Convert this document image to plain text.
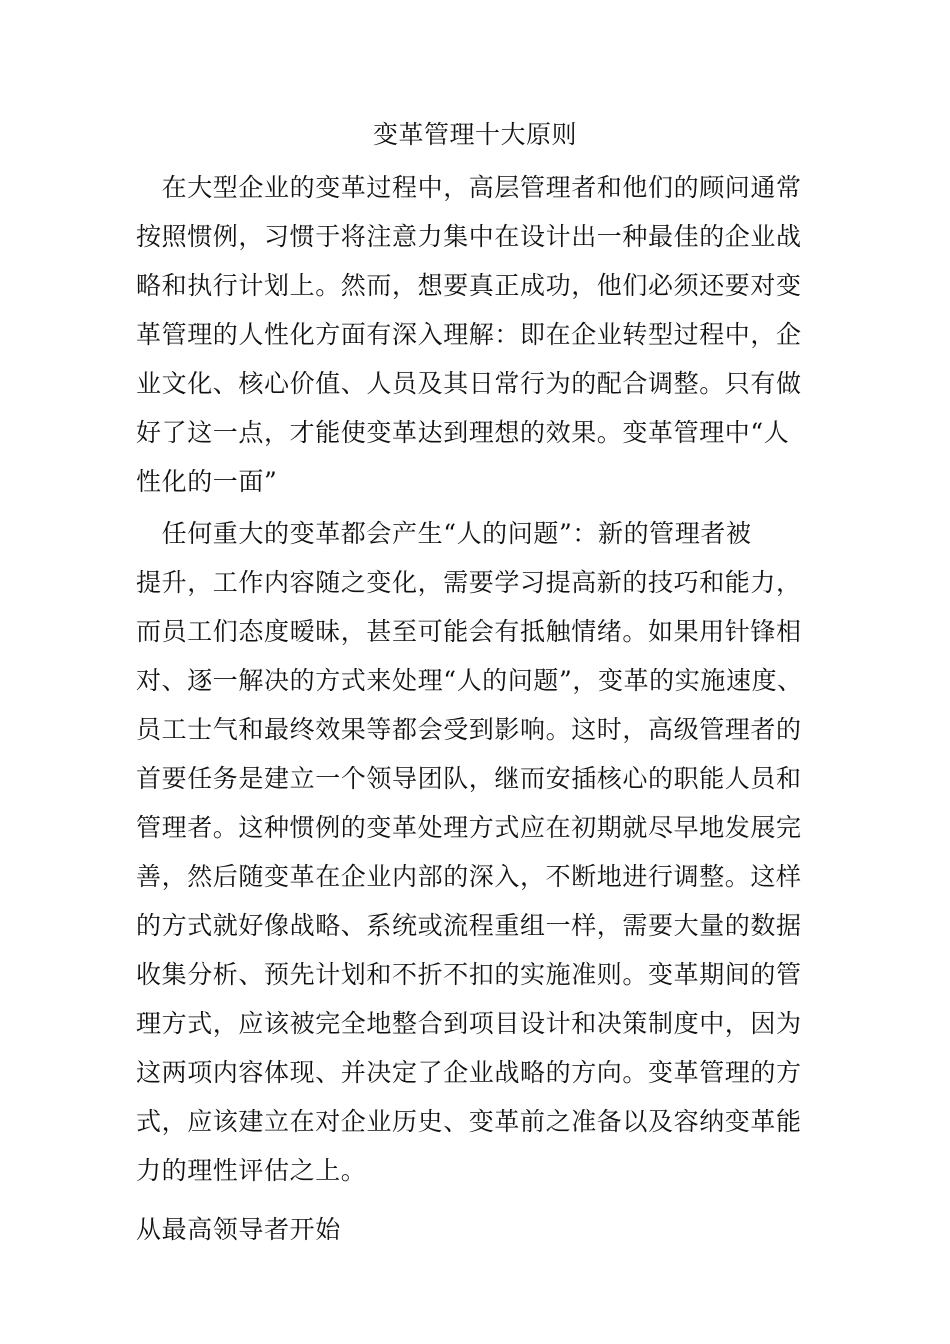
变革管理十大原则
　在大型企业的变革过程中，高层管理者和他们的顾问通常
按照惯例，习惯于将注意力集中在设计出一种最佳的企业战
略和执行计划上。然而，想要真正成功，他们必须还要对变
革管理的人性化方面有深入理解：即在企业转型过程中，企
业文化、核心价值、人员及其日常行为的配合调整。只有做
好了这一点，才能使变革达到理想的效果。变革管理中“人
性化的一面”
　任何重大的变革都会产生“人的问题”：新的管理者被
提升，工作内容随之变化，需要学习提高新的技巧和能力，
而员工们态度暧昧，甚至可能会有抵触情绪。如果用针锋相
对、逐一解决的方式来处理“人的问题”，变革的实施速度、
员工士气和最终效果等都会受到影响。这时，高级管理者的
首要任务是建立一个领导团队，继而安插核心的职能人员和
管理者。这种惯例的变革处理方式应在初期就尽早地发展完
善，然后随变革在企业内部的深入，不断地进行调整。这样
的方式就好像战略、系统或流程重组一样，需要大量的数据
收集分析、预先计划和不折不扣的实施准则。变革期间的管
理方式，应该被完全地整合到项目设计和决策制度中，因为
这两项内容体现、并决定了企业战略的方向。变革管理的方
式，应该建立在对企业历史、变革前之准备以及容纳变革能
力的理性评估之上。
从最高领导者开始
